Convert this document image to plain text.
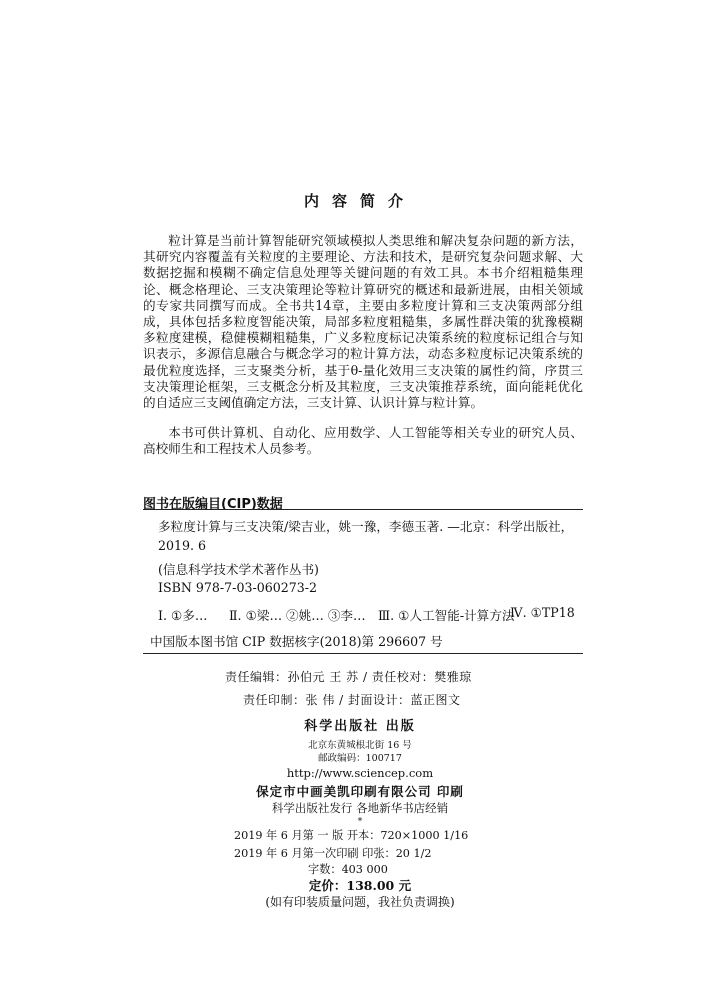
内容简介

粒计算是当前计算智能研究领域模拟人类思维和解决复杂问题的新方法，其研究内容覆盖有关粒度的主要理论、方法和技术，是研究复杂问题求解、大数据挖掘和模糊不确定信息处理等关键问题的有效工具。本书介绍粗糙集理论、概念格理论、三支决策理论等粒计算研究的概述和最新进展，由相关领域的专家共同撰写而成。全书共14章，主要由多粒度计算和三支决策两部分组成，具体包括多粒度智能决策，局部多粒度粗糙集，多属性群决策的犹豫模糊多粒度建模，稳健模糊粗糙集，广义多粒度标记决策系统的粒度标记组合与知识表示，多源信息融合与概念学习的粒计算方法，动态多粒度标记决策系统的最优粒度选择，三支聚类分析，基于θ-量化效用三支决策的属性约简，序贯三支决策理论框架，三支概念分析及其粒度，三支决策推荐系统，面向能耗优化的自适应三支阈值确定方法，三支计算、认识计算与粒计算。

本书可供计算机、自动化、应用数学、人工智能等相关专业的研究人员、高校师生和工程技术人员参考。

图书在版编目(CIP)数据
多粒度计算与三支决策/梁吉业，姚一豫，李德玉著. —北京：科学出版社，
2019. 6
(信息科学技术学术著作丛书)
ISBN 978-7-03-060273-2
Ⅰ. ①多… Ⅱ. ①梁… ②姚… ③李… Ⅲ. ①人工智能-计算方法
Ⅳ. ①TP18
中国版本图书馆 CIP 数据核字(2018)第 296607 号
责任编辑：孙伯元 王 苏 / 责任校对：樊雅琼
责任印制：张 伟 / 封面设计：蓝正图文
科学出版社 出版
北京东黄城根北街 16 号
邮政编码：100717
http://www.sciencep.com
保定市中画美凯印刷有限公司 印刷
科学出版社发行 各地新华书店经销
*
2019 年 6 月第 一 版 开本：720×1000 1/16
2019 年 6 月第一次印刷 印张：20 1/2
字数：403 000
定价：138.00 元
(如有印装质量问题，我社负责调换)
